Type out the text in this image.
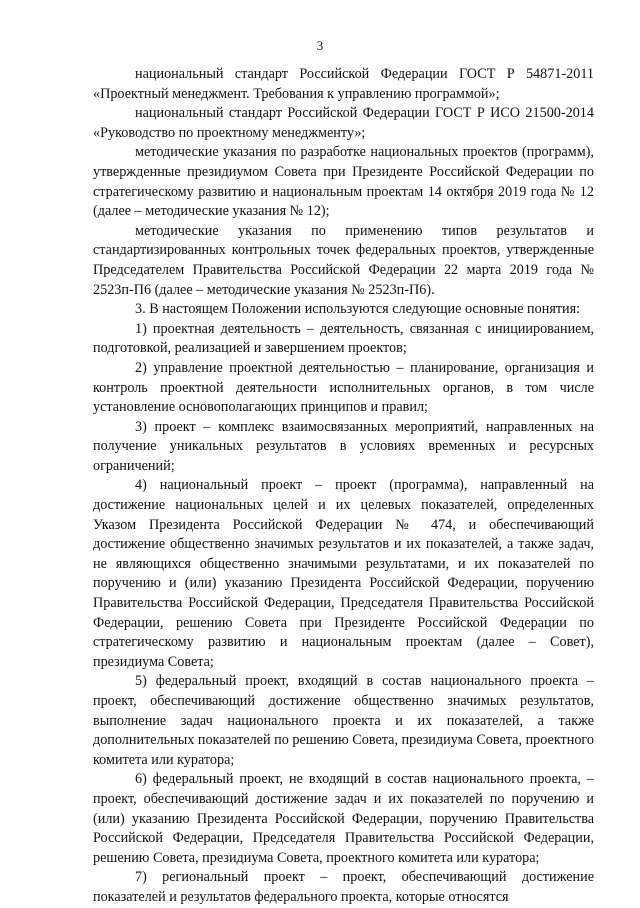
3

национальный стандарт Российской Федерации ГОСТ Р 54871-2011 «Проектный менеджмент. Требования к управлению программой»;

национальный стандарт Российской Федерации ГОСТ Р ИСО 21500-2014 «Руководство по проектному менеджменту»;

методические указания по разработке национальных проектов (программ), утвержденные президиумом Совета при Президенте Российской Федерации по стратегическому развитию и национальным проектам 14 октября 2019 года № 12 (далее – методические указания № 12);

методические указания по применению типов результатов и стандартизированных контрольных точек федеральных проектов, утвержденные Председателем Правительства Российской Федерации 22 марта 2019 года № 2523п-П6 (далее – методические указания № 2523п-П6).

3. В настоящем Положении используются следующие основные понятия:

1) проектная деятельность – деятельность, связанная с инициированием, подготовкой, реализацией и завершением проектов;

2) управление проектной деятельностью – планирование, организация и контроль проектной деятельности исполнительных органов, в том числе установление основополагающих принципов и правил;

3) проект – комплекс взаимосвязанных мероприятий, направленных на получение уникальных результатов в условиях временных и ресурсных ограничений;

4) национальный проект – проект (программа), направленный на достижение национальных целей и их целевых показателей, определенных Указом Президента Российской Федерации № 474, и обеспечивающий достижение общественно значимых результатов и их показателей, а также задач, не являющихся общественно значимыми результатами, и их показателей по поручению и (или) указанию Президента Российской Федерации, поручению Правительства Российской Федерации, Председателя Правительства Российской Федерации, решению Совета при Президенте Российской Федерации по стратегическому развитию и национальным проектам (далее – Совет), президиума Совета;

5) федеральный проект, входящий в состав национального проекта – проект, обеспечивающий достижение общественно значимых результатов, выполнение задач национального проекта и их показателей, а также дополнительных показателей по решению Совета, президиума Совета, проектного комитета или куратора;

6) федеральный проект, не входящий в состав национального проекта, – проект, обеспечивающий достижение задач и их показателей по поручению и (или) указанию Президента Российской Федерации, поручению Правительства Российской Федерации, Председателя Правительства Российской Федерации, решению Совета, президиума Совета, проектного комитета или куратора;

7) региональный проект – проект, обеспечивающий достижение показателей и результатов федерального проекта, которые относятся
